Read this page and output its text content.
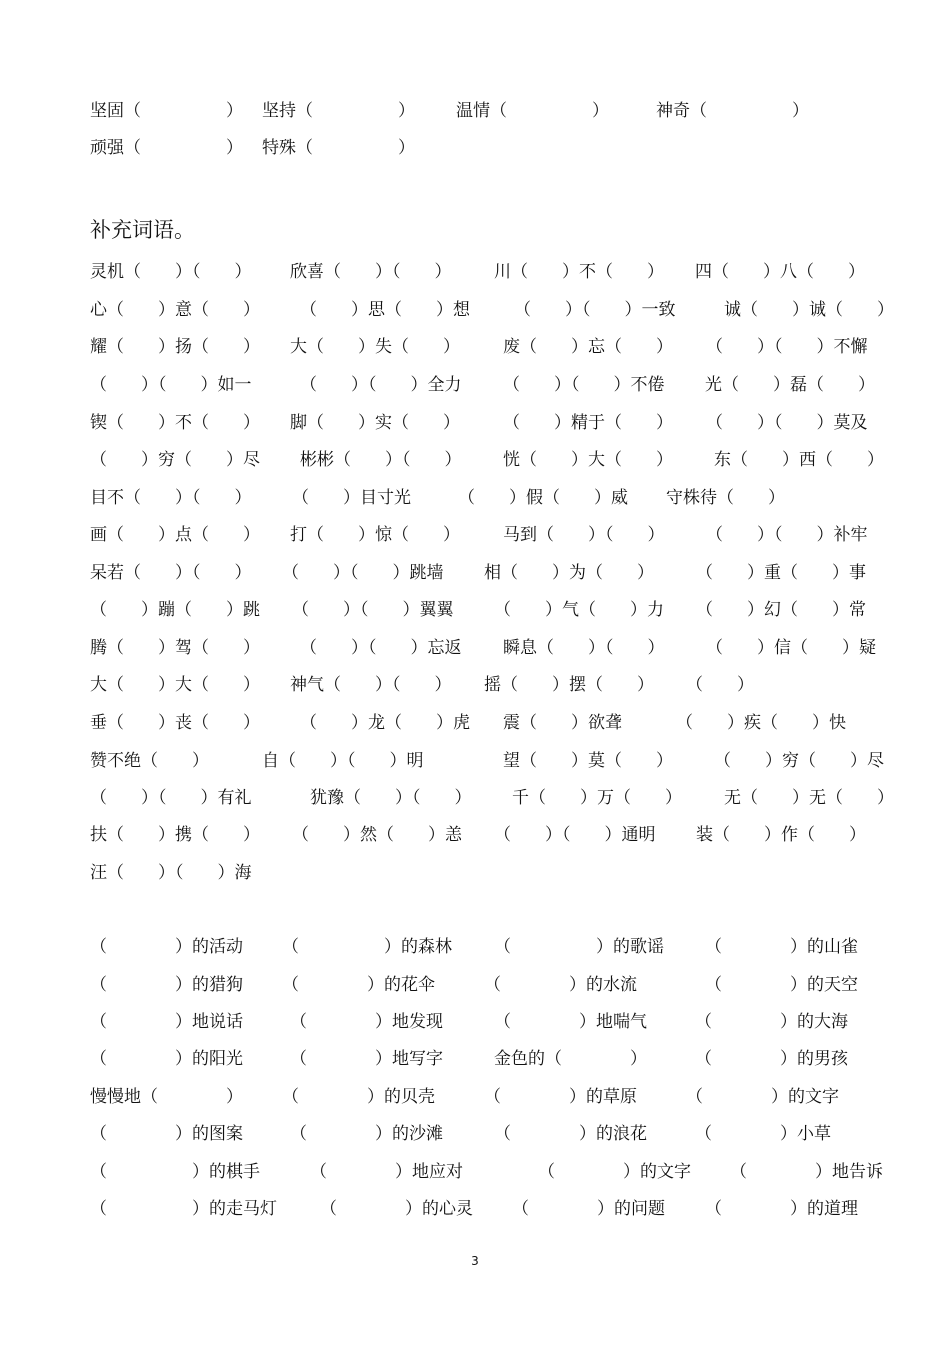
坚固（　　　　　） 坚持（　　　　　） 温情（　　　　　）	神奇（　　　　　）
顽强（　　　　　） 特殊（　　　　　）
补充词语。
灵机（　　）（　　） 欣喜（　　）（　　）	川（　　）不（　　） 四（　　）八（　　）
心（　　）意（　　） （　　）思（　　）想	（　　）（　　）一致	诚（　　）诚（　　）
耀（　　）扬（　　） 大（　　）失（　　）	废（　　）忘（　　） （　　）（　　）不懈
（　　）（　　）如一	（　　）（　　）全力 （　　）（　　）不倦 光（　　）磊（　　）
锲（　　）不（　　） 脚（　　）实（　　）	（　　）精于（　　） （　　）（　　）莫及
（　　）穷（　　）尽 彬彬（　　）（　　） 恍（　　）大（　　） 东（　　）西（　　）
目不（　　）（　　） （　　）目寸光	（　　）假（　　）威 守株待（　　）
画（　　）点（　　） 打（　　）惊（　　）	马到（　　）（　　） （　　）（　　）补牢
呆若（　　）（　　） （　　）（　　）跳墙 相（　　）为（　　） （　　）重（　　）事
（　　）蹦（　　）跳 （　　）（　　）翼翼 （　　）气（　　）力 （　　）幻（　　）常
腾（　　）驾（　　） （　　）（　　）忘返 瞬息（　　）（　　） （　　）信（　　）疑
大（　　）大（　　） 神气（　　）（　　） 摇（　　）摆（　　） （　　）
垂（　　）丧（　　） （　　）龙（　　）虎 震（　　）欲聋	（　　）疾（　　）快
赞不绝（　　）	自（　　）（　　）明	望（　　）莫（　　） （　　）穷（　　）尽
（　　）（　　）有礼	犹豫（　　）（　　） 千（　　）万（　　） 无（　　）无（　　）
扶（　　）携（　　） （　　）然（　　）恙 （　　）（　　）通明 装（　　）作（　　）
汪（　　）（　　）海
（　　　　）的活动 （　　　　　）的森林 （　　　　　）的歌谣 （　　　　）的山雀
（　　　　）的猎狗 （　　　　）的花伞	（　　　　）的水流	（　　　　）的天空
（　　　　）地说话	（　　　　）地发现	（　　　　）地喘气	（　　　　）的大海
（　　　　）的阳光	（　　　　）地写字	金色的（　　　　）	（　　　　）的男孩
慢慢地（　　　　） （　　　　）的贝壳	（　　　　）的草原	（　　　　）的文字
（　　　　）的图案	（　　　　）的沙滩	（　　　　）的浪花	（　　　　）小草
（　　　　　）的棋手	（　　　　）地应对	（　　　　）的文字 （　　　　）地告诉
（　　　　　）的走马灯	（　　　　）的心灵 （　　　　）的问题 （　　　　）的道理
3
